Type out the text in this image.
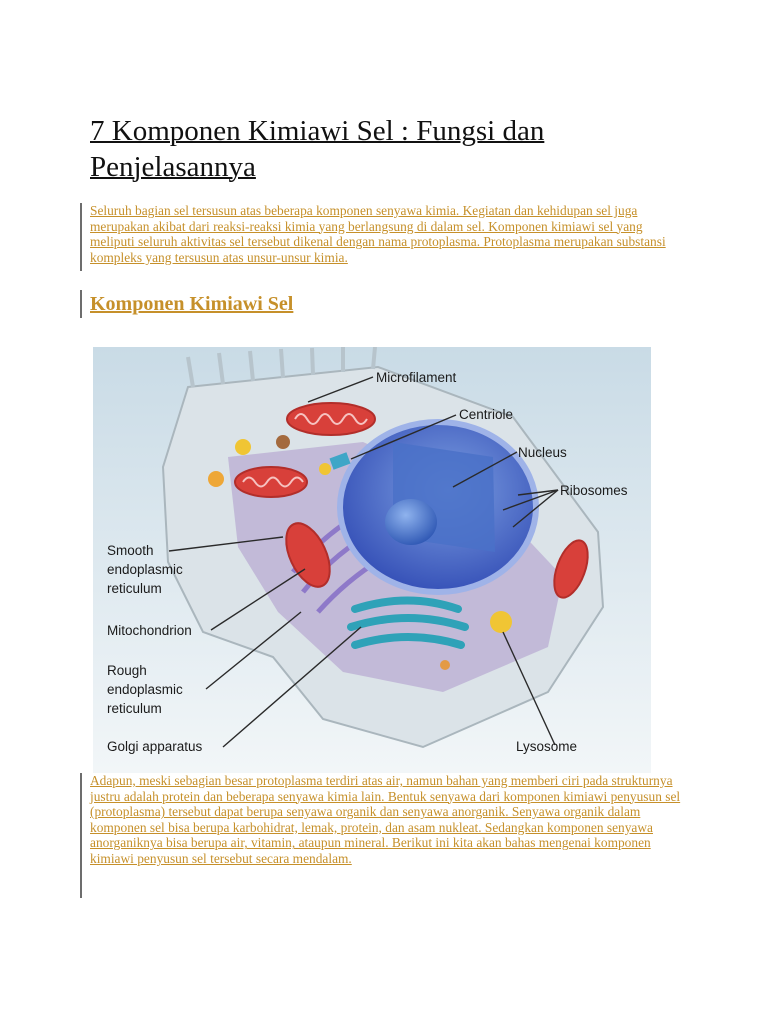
7 Komponen Kimiawi Sel : Fungsi dan Penjelasannya

Seluruh bagian sel tersusun atas beberapa komponen senyawa kimia. Kegiatan dan kehidupan sel juga merupakan akibat dari reaksi-reaksi kimia yang berlangsung di dalam sel. Komponen kimiawi sel yang meliputi seluruh aktivitas sel tersebut dikenal dengan nama protoplasma. Protoplasma merupakan substansi kompleks yang tersusun atas unsur-unsur kimia.

Komponen Kimiawi Sel
Microfilament
Centriole
Nucleus
Ribosomes
Smooth
endoplasmic
reticulum
Mitochondrion
Rough
endoplasmic
reticulum
Golgi apparatus	Lysosome

Adapun, meski sebagian besar protoplasma terdiri atas air, namun bahan yang memberi ciri pada strukturnya justru adalah protein dan beberapa senyawa kimia lain. Bentuk senyawa dari komponen kimiawi penyusun sel (protoplasma) tersebut dapat berupa senyawa organik dan senyawa anorganik. Senyawa organik dalam komponen sel bisa berupa karbohidrat, lemak, protein, dan asam nukleat. Sedangkan komponen senyawa anorganiknya bisa berupa air, vitamin, ataupun mineral. Berikut ini kita akan bahas mengenai komponen kimiawi penyusun sel tersebut secara mendalam.
